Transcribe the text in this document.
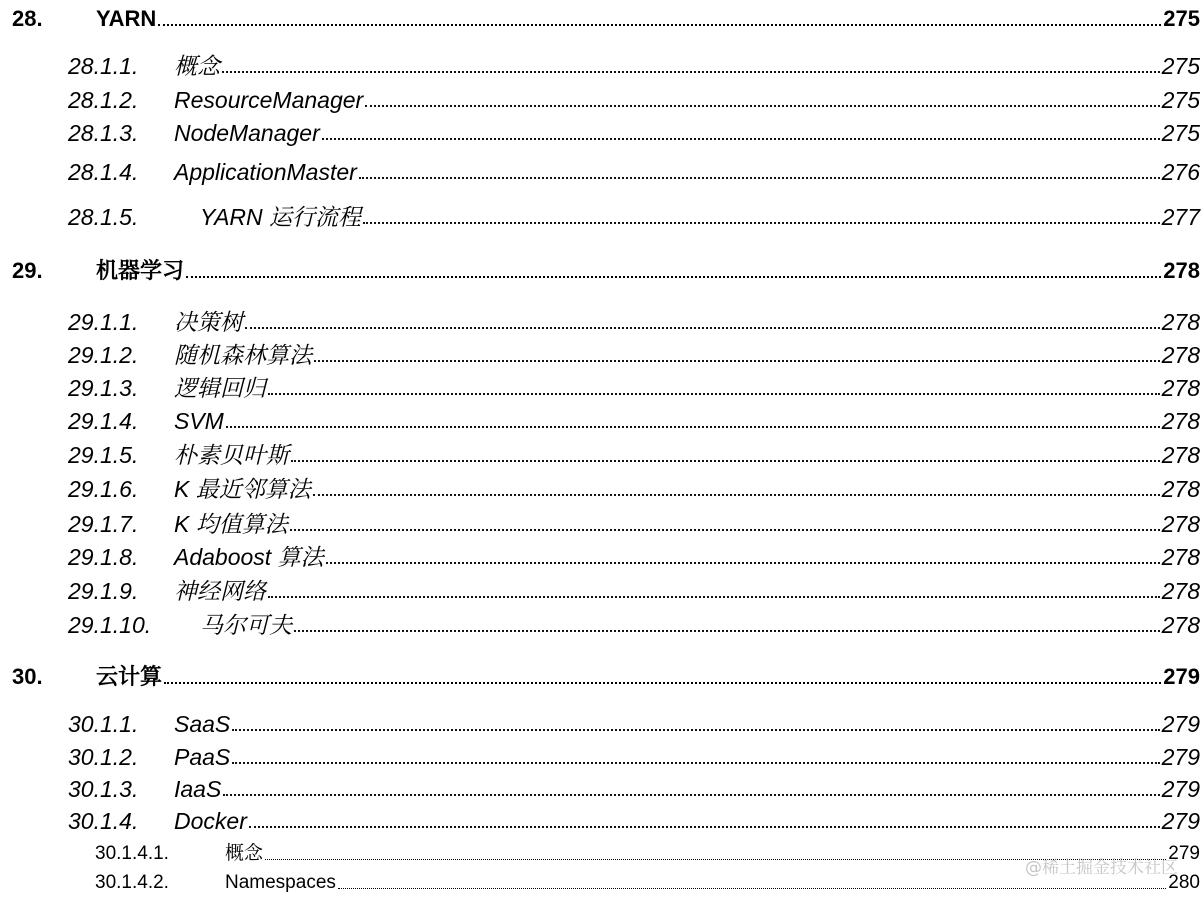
28. YARN	275
28.1.1. 概念	275
28.1.2. ResourceManager	275
28.1.3. NodeManager	275
28.1.4. ApplicationMaster	276
28.1.5.	YARN 运行流程	277
29. 机器学习	278
29.1.1. 决策树	278
29.1.2. 随机森林算法	278
29.1.3. 逻辑回归	278
29.1.4. SVM	278
29.1.5. 朴素贝叶斯	278
29.1.6. K 最近邻算法	278
29.1.7. K 均值算法	278
29.1.8. Adaboost 算法	278
29.1.9. 神经网络	278
29.1.10. 马尔可夫	278
30. 云计算	279
30.1.1. SaaS	279
30.1.2. PaaS	279
30.1.3. IaaS	279
30.1.4. Docker	279
30.1.4.1.	概念	279
30.1.4.2.	Namespaces	280
@稀土掘金技术社区
